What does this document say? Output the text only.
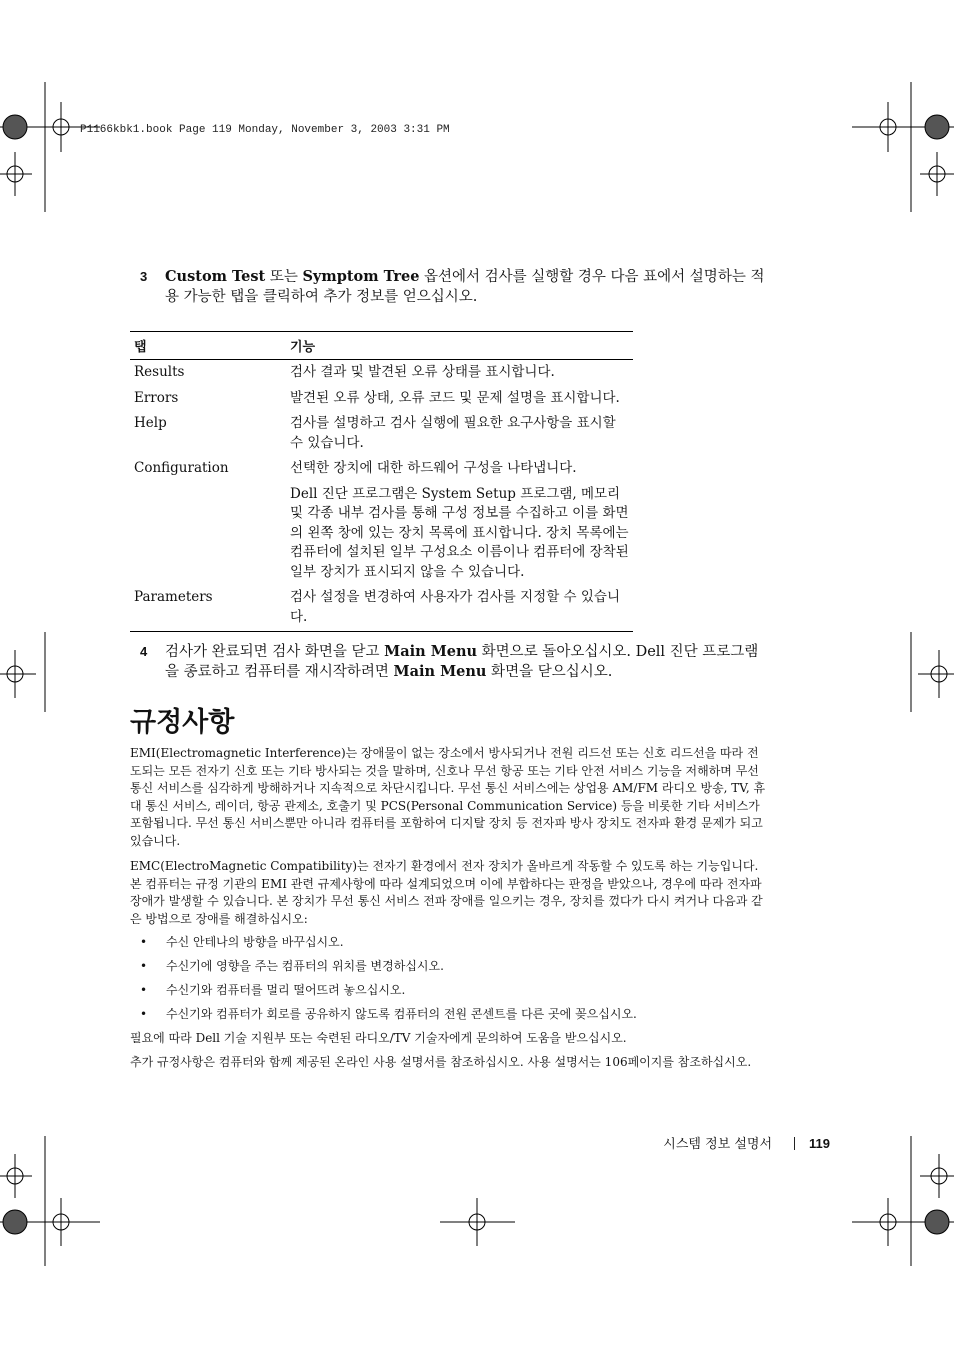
P1166kbk1.book Page 119 Monday, November 3, 2003 3:31 PM
3 Custom Test 또는 Symptom Tree 옵션에서 검사를 실행할 경우 다음 표에서 설명하는 적용 가능한 탭을 클릭하여 추가 정보를 얻으십시오.
탭	기능
Results	검사 결과 및 발견된 오류 상태를 표시합니다.
Errors	발견된 오류 상태, 오류 코드 및 문제 설명을 표시합니다.
Help	검사를 설명하고 검사 실행에 필요한 요구사항을 표시할 수 있습니다.
Configuration	선택한 장치에 대한 하드웨어 구성을 나타냅니다.
	Dell 진단 프로그램은 System Setup 프로그램, 메모리 및 각종 내부 검사를 통해 구성 정보를 수집하고 이를 화면의 왼쪽 창에 있는 장치 목록에 표시합니다. 장치 목록에는 컴퓨터에 설치된 일부 구성요소 이름이나 컴퓨터에 장착된 일부 장치가 표시되지 않을 수 있습니다.
Parameters	검사 설정을 변경하여 사용자가 검사를 지정할 수 있습니다.
4 검사가 완료되면 검사 화면을 닫고 Main Menu 화면으로 돌아오십시오. Dell 진단 프로그램을 종료하고 컴퓨터를 재시작하려면 Main Menu 화면을 닫으십시오.
규정사항

EMI(Electromagnetic Interference)는 장애물이 없는 장소에서 방사되거나 전원 리드선 또는 신호 리드선을 따라 전도되는 모든 전자기 신호 또는 기타 방사되는 것을 말하며, 신호나 무선 항공 또는 기타 안전 서비스 기능을 저해하며 무선 통신 서비스를 심각하게 방해하거나 지속적으로 차단시킵니다. 무선 통신 서비스에는 상업용 AM/FM 라디오 방송, TV, 휴대 통신 서비스, 레이더, 항공 관제소, 호출기 및 PCS(Personal Communication Service) 등을 비롯한 기타 서비스가 포함됩니다. 무선 통신 서비스뿐만 아니라 컴퓨터를 포함하여 디지탈 장치 등 전자파 방사 장치도 전자파 환경 문제가 되고 있습니다.

EMC(ElectroMagnetic Compatibility)는 전자기 환경에서 전자 장치가 올바르게 작동할 수 있도록 하는 기능입니다. 본 컴퓨터는 규정 기관의 EMI 관련 규제사항에 따라 설계되었으며 이에 부합하다는 판정을 받았으나, 경우에 따라 전자파 장애가 발생할 수 있습니다. 본 장치가 무선 통신 서비스 전파 장애를 일으키는 경우, 장치를 껐다가 다시 켜거나 다음과 같은 방법으로 장애를 해결하십시오:

• 수신 안테나의 방향을 바꾸십시오.
• 수신기에 영향을 주는 컴퓨터의 위치를 변경하십시오.
• 수신기와 컴퓨터를 멀리 떨어뜨려 놓으십시오.
• 수신기와 컴퓨터가 회로를 공유하지 않도록 컴퓨터의 전원 콘센트를 다른 곳에 꽂으십시오.

필요에 따라 Dell 기술 지원부 또는 숙련된 라디오/TV 기술자에게 문의하여 도움을 받으십시오.

추가 규정사항은 컴퓨터와 함께 제공된 온라인 사용 설명서를 참조하십시오. 사용 설명서는 106페이지를 참조하십시오.

시스템 정보 설명서	119
